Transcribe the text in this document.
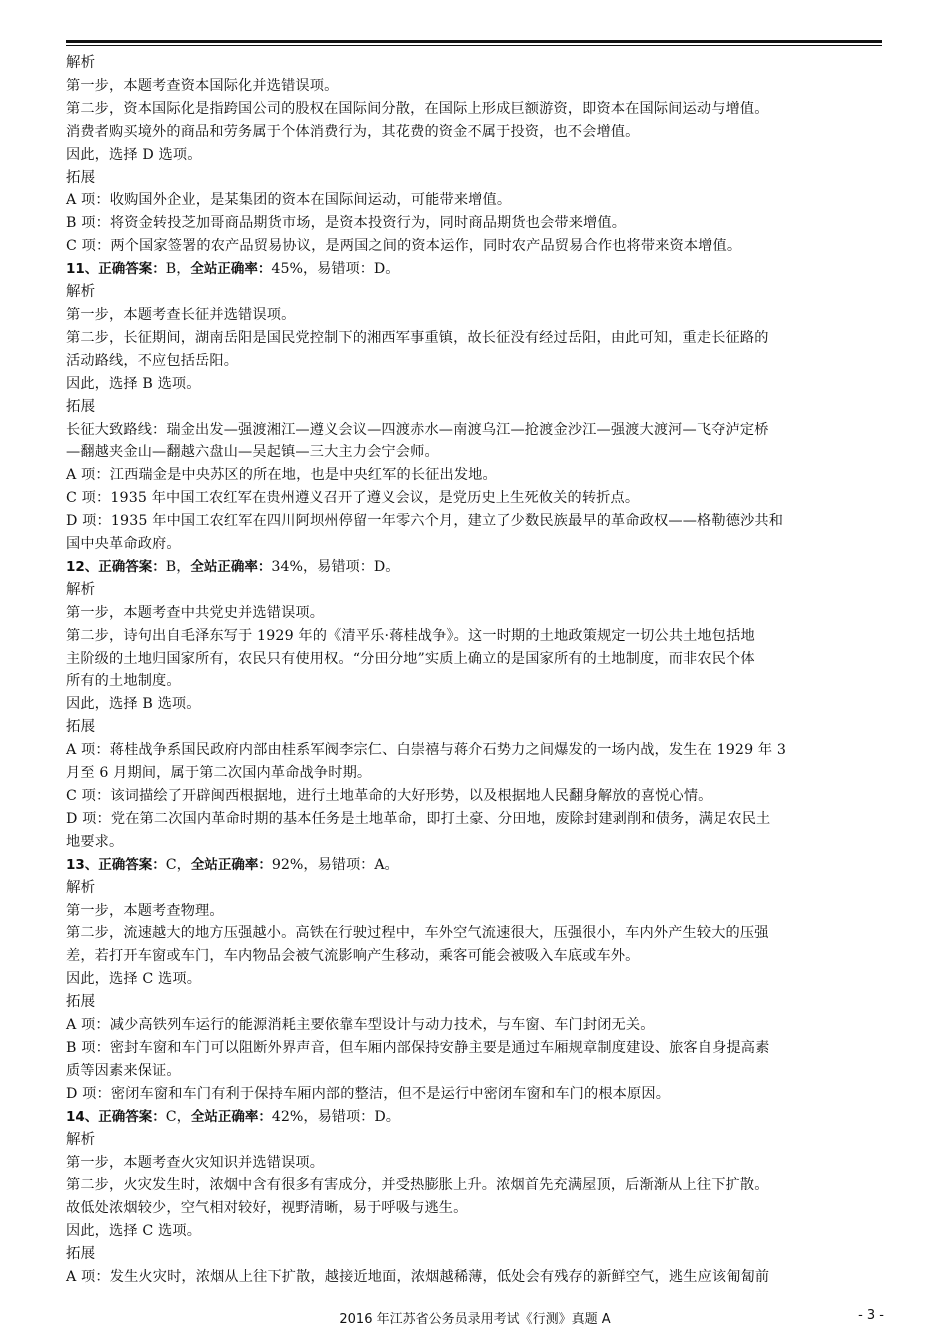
解析
第一步，本题考查资本国际化并选错误项。
第二步，资本国际化是指跨国公司的股权在国际间分散，在国际上形成巨额游资，即资本在国际间运动与增值。
消费者购买境外的商品和劳务属于个体消费行为，其花费的资金不属于投资，也不会增值。
因此，选择 D 选项。
拓展
A 项：收购国外企业，是某集团的资本在国际间运动，可能带来增值。
B 项：将资金转投芝加哥商品期货市场，是资本投资行为，同时商品期货也会带来增值。
C 项：两个国家签署的农产品贸易协议，是两国之间的资本运作，同时农产品贸易合作也将带来资本增值。
11、正确答案：B，全站正确率：45%，易错项：D。
解析
第一步，本题考查长征并选错误项。
第二步，长征期间，湖南岳阳是国民党控制下的湘西军事重镇，故长征没有经过岳阳，由此可知，重走长征路的
活动路线，不应包括岳阳。
因此，选择 B 选项。
拓展
长征大致路线：瑞金出发—强渡湘江—遵义会议—四渡赤水—南渡乌江—抢渡金沙江—强渡大渡河—飞夺泸定桥
—翻越夹金山—翻越六盘山—吴起镇—三大主力会宁会师。
A 项：江西瑞金是中央苏区的所在地，也是中央红军的长征出发地。
C 项：1935 年中国工农红军在贵州遵义召开了遵义会议，是党历史上生死攸关的转折点。
D 项：1935 年中国工农红军在四川阿坝州停留一年零六个月，建立了少数民族最早的革命政权——格勒德沙共和
国中央革命政府。
12、正确答案：B，全站正确率：34%，易错项：D。
解析
第一步，本题考查中共党史并选错误项。
第二步，诗句出自毛泽东写于 1929 年的《清平乐·蒋桂战争》。这一时期的土地政策规定一切公共土地包括地
主阶级的土地归国家所有，农民只有使用权。“分田分地”实质上确立的是国家所有的土地制度，而非农民个体
所有的土地制度。
因此，选择 B 选项。
拓展
A 项：蒋桂战争系国民政府内部由桂系军阀李宗仁、白崇禧与蒋介石势力之间爆发的一场内战，发生在 1929 年 3
月至 6 月期间，属于第二次国内革命战争时期。
C 项：该词描绘了开辟闽西根据地，进行土地革命的大好形势，以及根据地人民翻身解放的喜悦心情。
D 项：党在第二次国内革命时期的基本任务是土地革命，即打土豪、分田地，废除封建剥削和债务，满足农民土
地要求。
13、正确答案：C，全站正确率：92%，易错项：A。
解析
第一步，本题考查物理。
第二步，流速越大的地方压强越小。高铁在行驶过程中，车外空气流速很大，压强很小，车内外产生较大的压强
差，若打开车窗或车门，车内物品会被气流影响产生移动，乘客可能会被吸入车底或车外。
因此，选择 C 选项。
拓展
A 项：减少高铁列车运行的能源消耗主要依靠车型设计与动力技术，与车窗、车门封闭无关。
B 项：密封车窗和车门可以阻断外界声音，但车厢内部保持安静主要是通过车厢规章制度建设、旅客自身提高素
质等因素来保证。
D 项：密闭车窗和车门有利于保持车厢内部的整洁，但不是运行中密闭车窗和车门的根本原因。
14、正确答案：C，全站正确率：42%，易错项：D。
解析
第一步，本题考查火灾知识并选错误项。
第二步，火灾发生时，浓烟中含有很多有害成分，并受热膨胀上升。浓烟首先充满屋顶，后渐渐从上往下扩散。
故低处浓烟较少，空气相对较好，视野清晰，易于呼吸与逃生。
因此，选择 C 选项。
拓展
A 项：发生火灾时，浓烟从上往下扩散，越接近地面，浓烟越稀薄，低处会有残存的新鲜空气，逃生应该匍匐前
2016 年江苏省公务员录用考试《行测》真题 A	- 3 -
